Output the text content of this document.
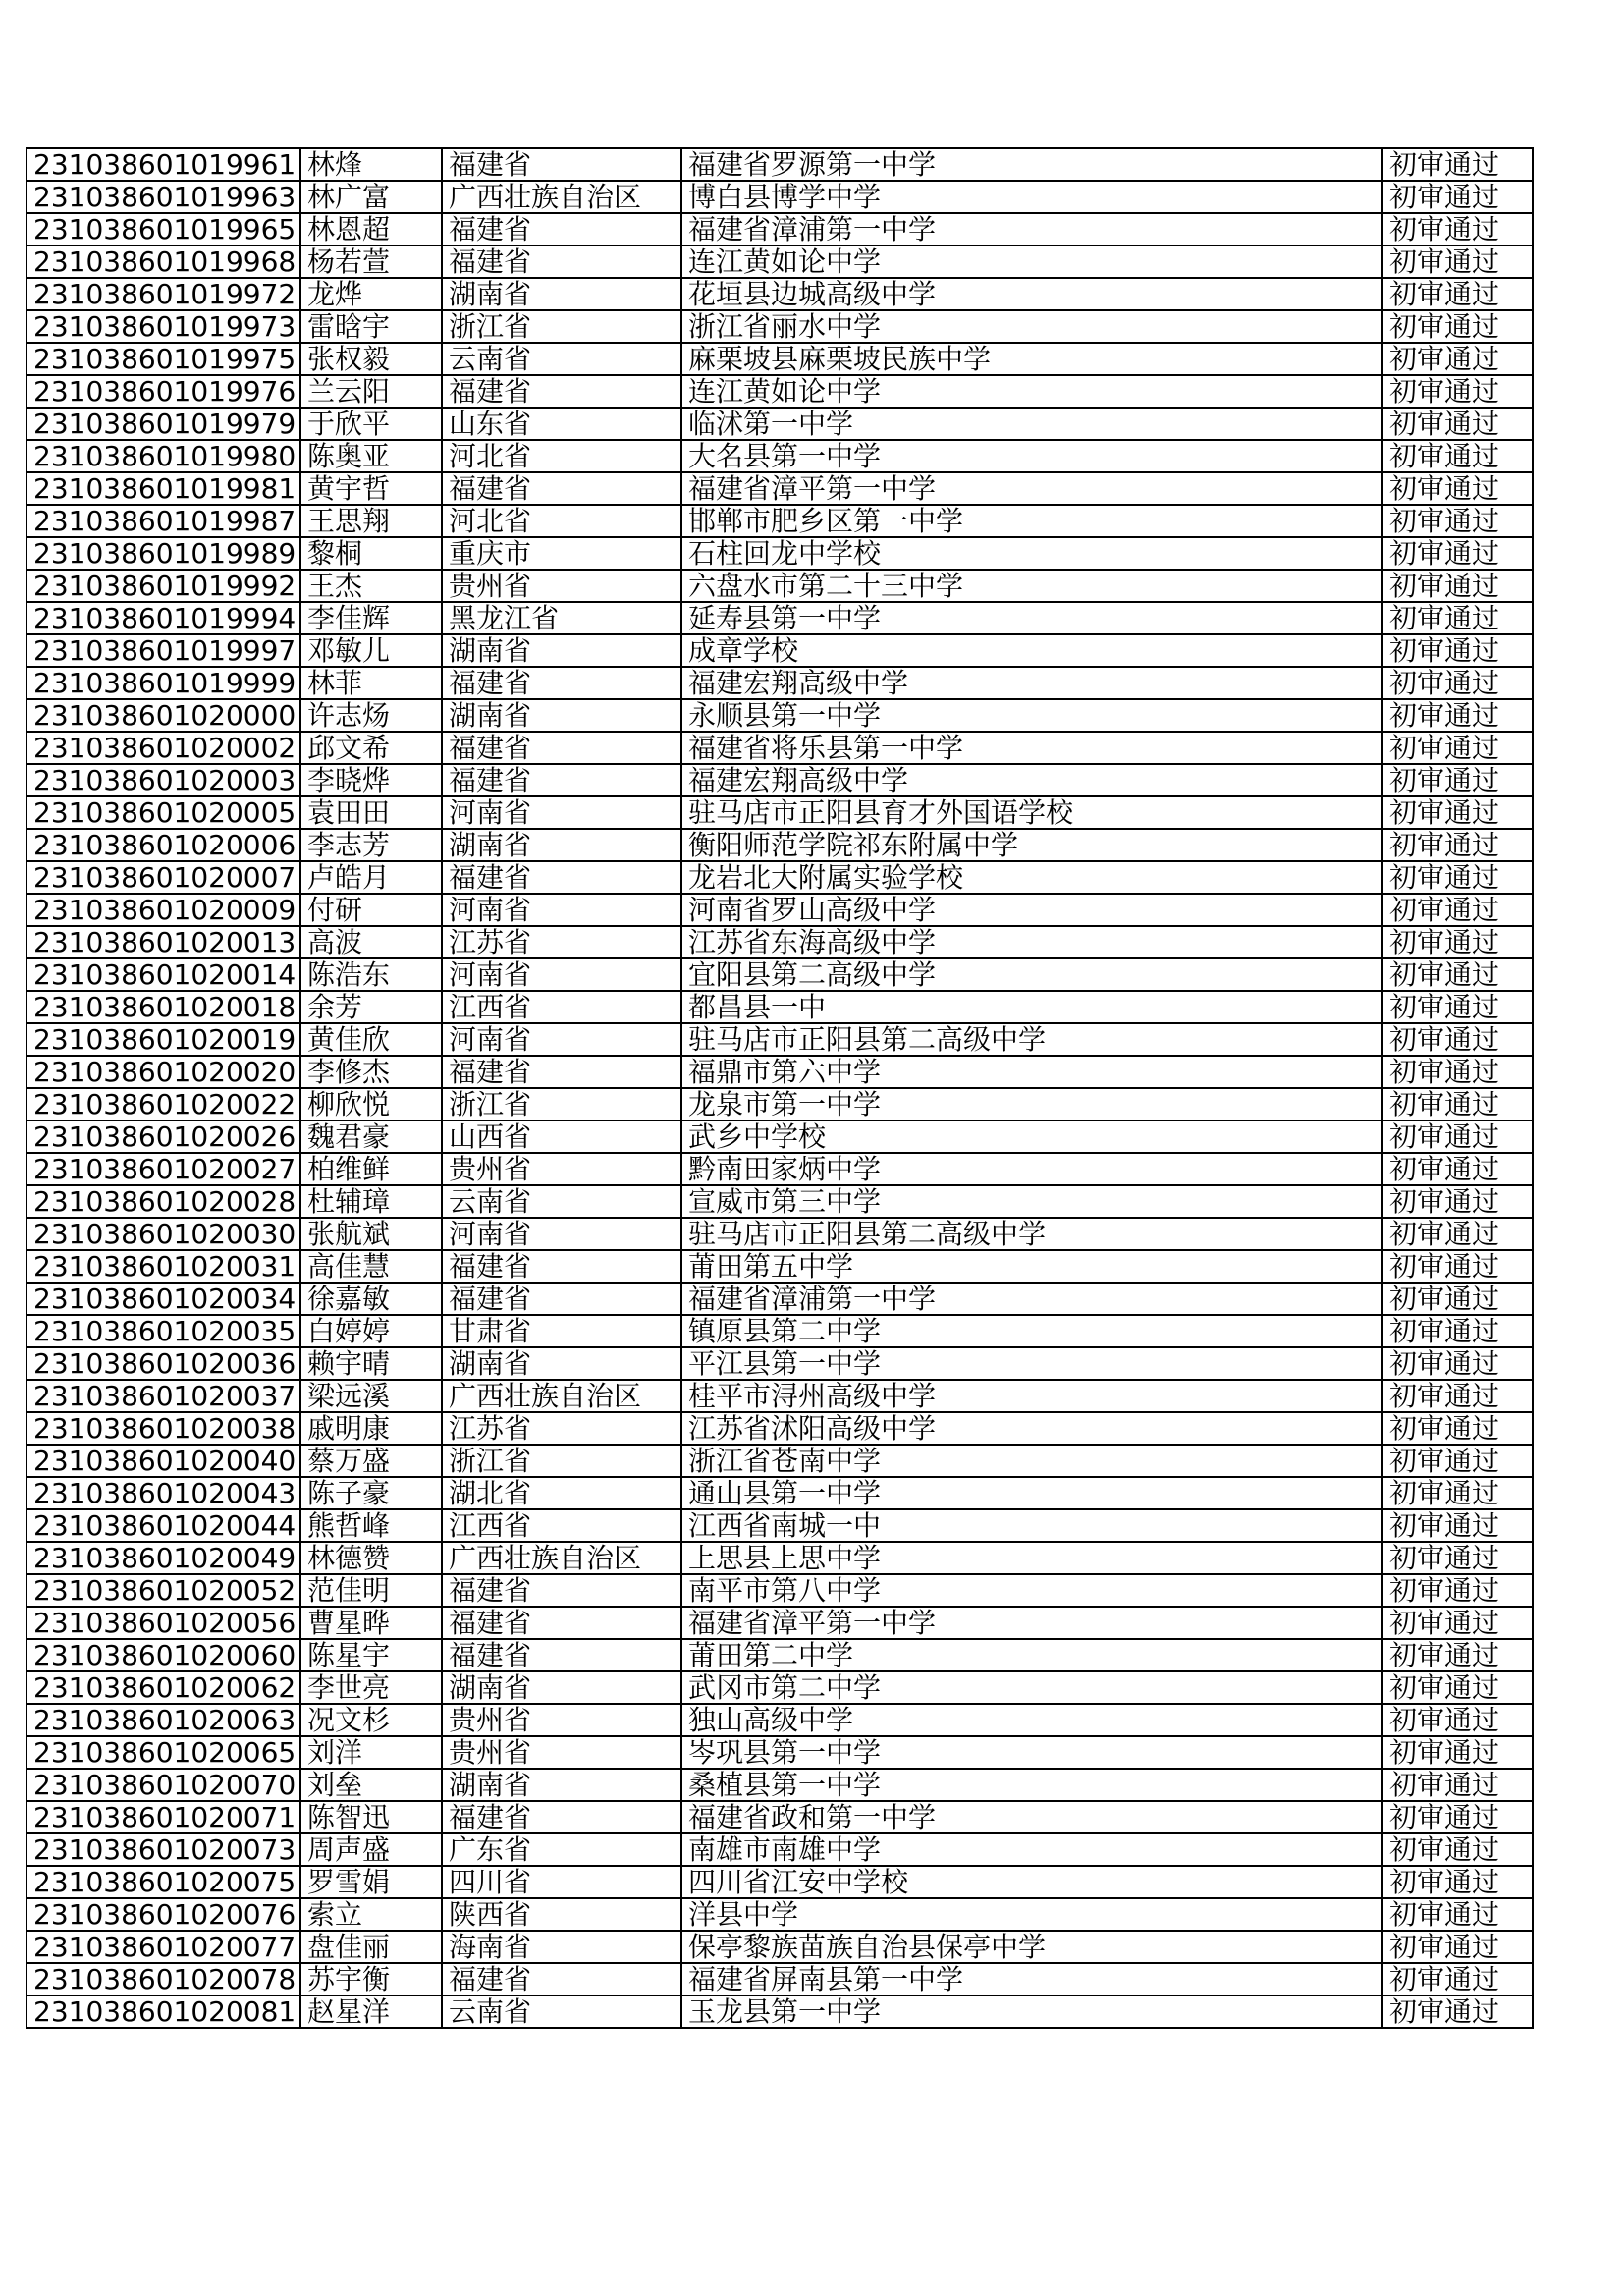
231038601019961	林烽	福建省	福建省罗源第一中学	初审通过
231038601019963	林广富	广西壮族自治区	博白县博学中学	初审通过
231038601019965	林恩超	福建省	福建省漳浦第一中学	初审通过
231038601019968	杨若萱	福建省	连江黄如论中学	初审通过
231038601019972	龙烨	湖南省	花垣县边城高级中学	初审通过
231038601019973	雷晗宇	浙江省	浙江省丽水中学	初审通过
231038601019975	张权毅	云南省	麻栗坡县麻栗坡民族中学	初审通过
231038601019976	兰云阳	福建省	连江黄如论中学	初审通过
231038601019979	于欣平	山东省	临沭第一中学	初审通过
231038601019980	陈奥亚	河北省	大名县第一中学	初审通过
231038601019981	黄宇哲	福建省	福建省漳平第一中学	初审通过
231038601019987	王思翔	河北省	邯郸市肥乡区第一中学	初审通过
231038601019989	黎桐	重庆市	石柱回龙中学校	初审通过
231038601019992	王杰	贵州省	六盘水市第二十三中学	初审通过
231038601019994	李佳辉	黑龙江省	延寿县第一中学	初审通过
231038601019997	邓敏儿	湖南省	成章学校	初审通过
231038601019999	林菲	福建省	福建宏翔高级中学	初审通过
231038601020000	许志炀	湖南省	永顺县第一中学	初审通过
231038601020002	邱文希	福建省	福建省将乐县第一中学	初审通过
231038601020003	李晓烨	福建省	福建宏翔高级中学	初审通过
231038601020005	袁田田	河南省	驻马店市正阳县育才外国语学校	初审通过
231038601020006	李志芳	湖南省	衡阳师范学院祁东附属中学	初审通过
231038601020007	卢皓月	福建省	龙岩北大附属实验学校	初审通过
231038601020009	付研	河南省	河南省罗山高级中学	初审通过
231038601020013	高波	江苏省	江苏省东海高级中学	初审通过
231038601020014	陈浩东	河南省	宜阳县第二高级中学	初审通过
231038601020018	余芳	江西省	都昌县一中	初审通过
231038601020019	黄佳欣	河南省	驻马店市正阳县第二高级中学	初审通过
231038601020020	李修杰	福建省	福鼎市第六中学	初审通过
231038601020022	柳欣悦	浙江省	龙泉市第一中学	初审通过
231038601020026	魏君豪	山西省	武乡中学校	初审通过
231038601020027	柏维鲜	贵州省	黔南田家炳中学	初审通过
231038601020028	杜辅璋	云南省	宣威市第三中学	初审通过
231038601020030	张航斌	河南省	驻马店市正阳县第二高级中学	初审通过
231038601020031	高佳慧	福建省	莆田第五中学	初审通过
231038601020034	徐嘉敏	福建省	福建省漳浦第一中学	初审通过
231038601020035	白婷婷	甘肃省	镇原县第二中学	初审通过
231038601020036	赖宇晴	湖南省	平江县第一中学	初审通过
231038601020037	梁远溪	广西壮族自治区	桂平市浔州高级中学	初审通过
231038601020038	戚明康	江苏省	江苏省沭阳高级中学	初审通过
231038601020040	蔡万盛	浙江省	浙江省苍南中学	初审通过
231038601020043	陈子豪	湖北省	通山县第一中学	初审通过
231038601020044	熊哲峰	江西省	江西省南城一中	初审通过
231038601020049	林德赞	广西壮族自治区	上思县上思中学	初审通过
231038601020052	范佳明	福建省	南平市第八中学	初审通过
231038601020056	曹星晔	福建省	福建省漳平第一中学	初审通过
231038601020060	陈星宇	福建省	莆田第二中学	初审通过
231038601020062	李世亮	湖南省	武冈市第二中学	初审通过
231038601020063	况文杉	贵州省	独山高级中学	初审通过
231038601020065	刘洋	贵州省	岑巩县第一中学	初审通过
231038601020070	刘垒	湖南省	桑植县第一中学	初审通过
231038601020071	陈智迅	福建省	福建省政和第一中学	初审通过
231038601020073	周声盛	广东省	南雄市南雄中学	初审通过
231038601020075	罗雪娟	四川省	四川省江安中学校	初审通过
231038601020076	索立	陕西省	洋县中学	初审通过
231038601020077	盘佳丽	海南省	保亭黎族苗族自治县保亭中学	初审通过
231038601020078	苏宇衡	福建省	福建省屏南县第一中学	初审通过
231038601020081	赵星洋	云南省	玉龙县第一中学	初审通过
